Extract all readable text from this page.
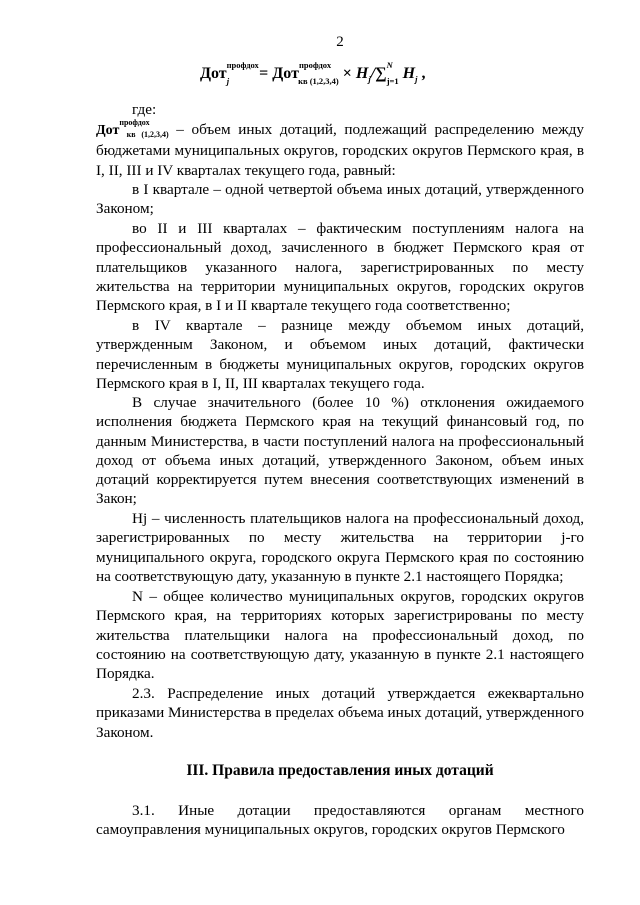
2
$Дот^{профдох}_j = Дот^{профдох}_{кв (1,2,3,4)} \times H_j/\sum^N_{j=1}$ $H_j$ ,
где:

Дот$^{профдох}_{кв (1,2,3,4)}$ – объем иных дотаций, подлежащий распределению между бюджетами муниципальных округов, городских округов Пермского края, в I, II, III и IV кварталах текущего года, равный:

в I квартале – одной четвертой объема иных дотаций, утвержденного Законом;

во II и III кварталах – фактическим поступлениям налога на профессиональный доход, зачисленного в бюджет Пермского края от плательщиков указанного налога, зарегистрированных по месту жительства на территории муниципальных округов, городских округов Пермского края, в I и II квартале текущего года соответственно;

в IV квартале – разнице между объемом иных дотаций, утвержденным Законом, и объемом иных дотаций, фактически перечисленным в бюджеты муниципальных округов, городских округов Пермского края в I, II, III кварталах текущего года.

В случае значительного (более 10 %) отклонения ожидаемого исполнения бюджета Пермского края на текущий финансовый год, по данным Министерства, в части поступлений налога на профессиональный доход от объема иных дотаций, утвержденного Законом, объем иных дотаций корректируется путем внесения соответствующих изменений в Закон;

Hj – численность плательщиков налога на профессиональный доход, зарегистрированных по месту жительства на территории j-го муниципального округа, городского округа Пермского края по состоянию на соответствующую дату, указанную в пункте 2.1 настоящего Порядка;

N – общее количество муниципальных округов, городских округов Пермского края, на территориях которых зарегистрированы по месту жительства плательщики налога на профессиональный доход, по состоянию на соответствующую дату, указанную в пункте 2.1 настоящего Порядка.

2.3. Распределение иных дотаций утверждается ежеквартально приказами Министерства в пределах объема иных дотаций, утвержденного Законом.

III. Правила предоставления иных дотаций

3.1. Иные дотации предоставляются органам местного самоуправления муниципальных округов, городских округов Пермского
